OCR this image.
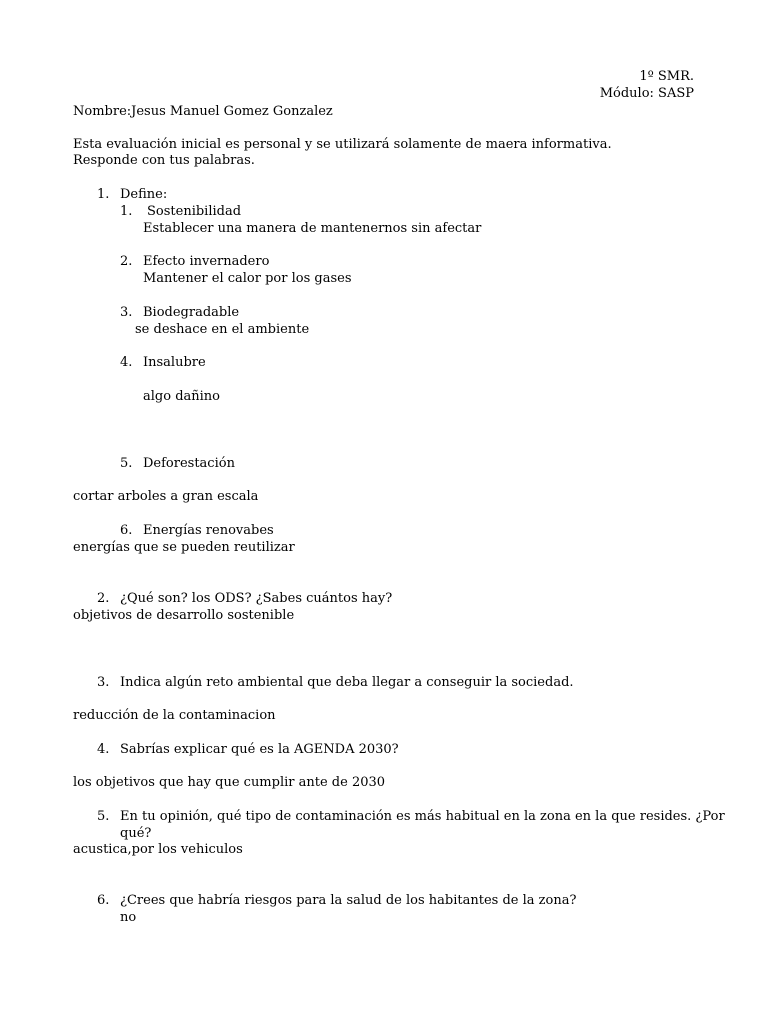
1º SMR.
Módulo: SASP
Nombre:Jesus Manuel Gomez Gonzalez
Esta evaluación inicial es personal y se utilizará solamente de maera informativa.
Responde con tus palabras.
1. Define:
1. Sostenibilidad
Establecer una manera de mantenernos sin afectar
2. Efecto invernadero
Mantener el calor por los gases
3. Biodegradable
se deshace en el ambiente
4. Insalubre
algo dañino
5. Deforestación
cortar arboles a gran escala
6. Energías renovabes
energías que se pueden reutilizar
2. ¿Qué son? los ODS? ¿Sabes cuántos hay?
objetivos de desarrollo sostenible
3. Indica algún reto ambiental que deba llegar a conseguir la sociedad.
reducción de la contaminacion
4. Sabrías explicar qué es la AGENDA 2030?
los objetivos que hay que cumplir ante de 2030
5. En tu opinión, qué tipo de contaminación es más habitual en la zona en la que resides. ¿Por
qué?
acustica,por los vehiculos
6. ¿Crees que habría riesgos para la salud de los habitantes de la zona?
no
